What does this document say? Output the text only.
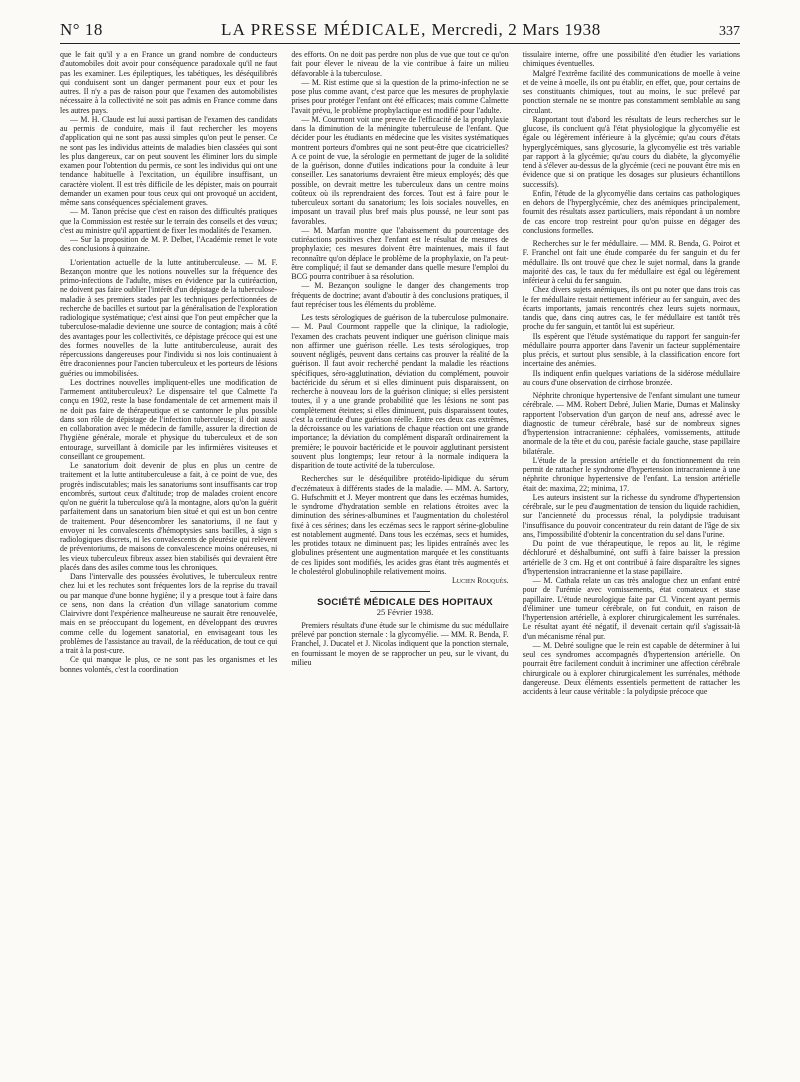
N° 18	LA PRESSE MÉDICALE, Mercredi, 2 Mars 1938	337

que le fait qu'il y a en France un grand nombre de conducteurs d'automobiles doit avoir pour conséquence paradoxale qu'il ne faut pas les examiner. Les épileptiques, les tabétiques, les déséquilibrés qui conduisent sont un danger permanent pour eux et pour les autres. Il n'y a pas de raison pour que l'examen des automobilistes nécessaire à la collectivité ne soit pas admis en France comme dans les autres pays.

— M. H. Claude est lui aussi partisan de l'examen des candidats au permis de conduire, mais il faut rechercher les moyens d'application qui ne sont pas aussi simples qu'on peut le penser. Ce ne sont pas les individus atteints de maladies bien classées qui sont les plus dangereux, car on peut souvent les éliminer lors du simple examen pour l'obtention du permis, ce sont les individus qui ont une tendance habituelle à l'excitation, un équilibre insuffisant, un caractère violent. Il est très difficile de les dépister, mais on pourrait demander un examen pour tous ceux qui ont provoqué un accident, même sans conséquences spécialement graves.

— M. Tanon précise que c'est en raison des difficultés pratiques que la Commission est restée sur le terrain des conseils et des vœux; c'est au ministre qu'il appartient de fixer les modalités de l'examen.

— Sur la proposition de M. P. Delbet, l'Académie remet le vote des conclusions à quinzaine.

L'orientation actuelle de la lutte antituberculeuse. — M. F. Bezançon montre que les notions nouvelles sur la fréquence des primo-infections de l'adulte, mises en évidence par la cutiréaction, ne doivent pas faire oublier l'intérêt d'un dépistage de la tuberculose-maladie à ses premiers stades par les techniques perfectionnées de recherche de bacilles et surtout par la généralisation de l'exploration radiologique systématique; c'est ainsi que l'on peut empêcher que la tuberculose-maladie devienne une source de contagion; mais à côté des avantages pour les collectivités, ce dépistage précoce qui est une des formes nouvelles de la lutte antituberculeuse, aurait des répercussions dangereuses pour l'individu si nos lois continuaient à être draconiennes pour l'ancien tuberculeux et les porteurs de lésions guéries ou immobilisées.

Les doctrines nouvelles impliquent-elles une modification de l'armement antituberculeux? Le dispensaire tel que Calmette l'a conçu en 1902, reste la base fondamentale de cet armement mais il ne doit pas faire de thérapeutique et se cantonner le plus possible dans son rôle de dépistage de l'infection tuberculeuse; il doit aussi en collaboration avec le médecin de famille, assurer la direction de l'hygiène générale, morale et physique du tuberculeux et de son entourage, surveillant à domicile par les infirmières visiteuses et conseillant ce groupement.

Le sanatorium doit devenir de plus en plus un centre de traitement et la lutte antituberculeuse a fait, à ce point de vue, des progrès indiscutables; mais les sanatoriums sont insuffisants car trop encombrés, surtout ceux d'altitude; trop de malades croient encore qu'on ne guérit la tuberculose qu'à la montagne, alors qu'on la guérit parfaitement dans un sanatorium bien situé et qui est un bon centre de traitement. Pour désencombrer les sanatoriums, il ne faut y envoyer ni les convalescents d'hémoptysies sans bacilles, à sign s radiologiques discrets, ni les convalescents de pleurésie qui relèvent de préventoriums, de maisons de convalescence moins onéreuses, ni les vieux tuberculeux fibreux assez bien stabilisés qui devraient être placés dans des asiles comme tous les chroniques.

Dans l'intervalle des poussées évolutives, le tuberculeux rentre chez lui et les rechutes sont fréquentes lors de la reprise du travail ou par manque d'une bonne hygiène; il y a presque tout à faire dans ce sens, non dans la création d'un village sanatorium comme Clairvivre dont l'expérience malheureuse ne saurait être renouvelée, mais en se préoccupant du logement, en développant des œuvres comme celle du logement sanatorial, en envisageant tous les problèmes de l'assistance au travail, de la rééducation, de tout ce qui a trait à la post-cure.

Ce qui manque le plus, ce ne sont pas les organismes et les bonnes volontés, c'est la coordination

des efforts. On ne doit pas perdre non plus de vue que tout ce qu'on fait pour élever le niveau de la vie contribue à faire un milieu défavorable à la tuberculose.

— M. Rist estime que si la question de la primo-infection ne se pose plus comme avant, c'est parce que les mesures de prophylaxie prises pour protéger l'enfant ont été efficaces; mais comme Calmette l'avait prévu, le problème prophylactique est modifié pour l'adulte.

— M. Courmont voit une preuve de l'efficacité de la prophylaxie dans la diminution de la méningite tuberculeuse de l'enfant. Que décider pour les étudiants en médecine que les visites systématiques montrent porteurs d'ombres qui ne sont peut-être que cicatricielles? A ce point de vue, la sérologie en permettant de juger de la solidité de la guérison, donne d'utiles indications pour la conduite à leur conseiller. Les sanatoriums devraient être mieux employés; dès que possible, on devrait mettre les tuberculeux dans un centre moins coûteux où ils reprendraient des forces. Tout est à faire pour le tuberculeux sortant du sanatorium; les lois sociales nouvelles, en imposant un travail plus bref mais plus poussé, ne leur sont pas favorables.

— M. Marfan montre que l'abaissement du pourcentage des cutiréactions positives chez l'enfant est le résultat de mesures de prophylaxie; ces mesures doivent être maintenues, mais il faut reconnaître qu'on déplace le problème de la prophylaxie, on l'a peut-être compliqué; il faut se demander dans quelle mesure l'emploi du BCG pourra contribuer à sa résolution.

— M. Bezançon souligne le danger des changements trop fréquents de doctrine; avant d'aboutir à des conclusions pratiques, il faut repréciser tous les éléments du problème.

Les tests sérologiques de guérison de la tuberculose pulmonaire. — M. Paul Courmont rappelle que la clinique, la radiologie, l'examen des crachats peuvent indiquer une guérison clinique mais non affirmer une guérison réelle. Les tests sérologiques, trop souvent négligés, peuvent dans certains cas prouver la réalité de la guérison. Il faut avoir recherché pendant la maladie les réactions spécifiques, séro-agglutination, déviation du complément, pouvoir bactéricide du sérum et si elles diminuent puis disparaissent, on recherche à nouveau lors de la guérison clinique; si elles persistent toutes, il y a une grande probabilité que les lésions ne sont pas complètement éteintes; si elles diminuent, puis disparaissent toutes, c'est la certitude d'une guérison réelle. Entre ces deux cas extrêmes, la décroissance ou les variations de chaque réaction ont une grande importance; la déviation du complément disparaît ordinairement la première; le pouvoir bactéricide et le pouvoir agglutinant persistent souvent plus longtemps; leur retour à la normale indiquera la disparition de toute activité de la tuberculose.

Recherches sur le déséquilibre protéido-lipidique du sérum d'eczémateux à différents stades de la maladie. — MM. A. Sartory, G. Hufschmitt et J. Meyer montrent que dans les eczémas humides, le syndrome d'hydratation semble en relations étroites avec la diminution des sérines-albumines et l'augmentation du cholestérol fixé à ces sérines; dans les eczémas secs le rapport sérine-globuline est notablement augmenté. Dans tous les eczémas, secs et humides, les protides totaux ne diminuent pas; les lipides entraînés avec les globulines présentent une augmentation marquée et les constituants de ces lipides sont modifiés, les acides gras étant très augmentés et le cholestérol globulinophile relativement moins.

Lucien Rouquès.

SOCIÉTÉ MÉDICALE DES HOPITAUX

25 Février 1938.

Premiers résultats d'une étude sur le chimisme du suc médullaire prélevé par ponction sternale : la glycomyélie. — MM. R. Benda, F. Franchel, J. Ducatel et J. Nicolas indiquent que la ponction sternale, en fournissant le moyen de se rapprocher un peu, sur le vivant, du milieu

tissulaire interne, offre une possibilité d'en étudier les variations chimiques éventuelles.

Malgré l'extrême facilité des communications de moelle à veine et de veine à moelle, ils ont pu établir, en effet, que, pour certains de ses constituants chimiques, tout au moins, le suc prélevé par ponction sternale ne se montre pas constamment semblable au sang circulant.

Rapportant tout d'abord les résultats de leurs recherches sur le glucose, ils concluent qu'à l'état physiologique la glycomyélie est égale ou légèrement inférieure à la glycémie; qu'au cours d'états hyperglycémiques, sans glycosurie, la glycomyélie est très variable par rapport à la glycémie; qu'au cours du diabète, la glycomyélie tend à s'élever au-dessus de la glycémie (ceci ne pouvant être mis en évidence que si on pratique les dosages sur plusieurs échantillons successifs).

Enfin, l'étude de la glycomyélie dans certains cas pathologiques en dehors de l'hyperglycémie, chez des anémiques principalement, fournit des résultats assez particuliers, mais répondant à un nombre de cas encore trop restreint pour qu'on puisse en dégager des conclusions formelles.

Recherches sur le fer médullaire. — MM. R. Benda, G. Poirot et F. Franchel ont fait une étude comparée du fer sanguin et du fer médullaire. Ils ont trouvé que chez le sujet normal, dans la grande majorité des cas, le taux du fer médullaire est égal ou légèrement inférieur à celui du fer sanguin.

Chez divers sujets anémiques, ils ont pu noter que dans trois cas le fer médullaire restait nettement inférieur au fer sanguin, avec des écarts importants, jamais rencontrés chez leurs sujets normaux, tandis que, dans cinq autres cas, le fer médullaire est tantôt très proche du fer sanguin, et tantôt lui est supérieur.

Ils espèrent que l'étude systématique du rapport fer sanguin-fer médullaire pourra apporter dans l'avenir un facteur supplémentaire plus précis, et surtout plus sensible, à la classification encore fort incertaine des anémies.

Ils indiquent enfin quelques variations de la sidérose médullaire au cours d'une observation de cirrhose bronzée.

Néphrite chronique hypertensive de l'enfant simulant une tumeur cérébrale. — MM. Robert Debré, Julien Marie, Dumas et Malinsky rapportent l'observation d'un garçon de neuf ans, adressé avec le diagnostic de tumeur cérébrale, basé sur de nombreux signes d'hypertension intracranienne: céphalées, vomissements, attitude anormale de la tête et du cou, parésie faciale gauche, stase papillaire bilatérale.

L'étude de la pression artérielle et du fonctionnement du rein permit de rattacher le syndrome d'hypertension intracranienne à une néphrite chronique hypertensive de l'enfant. La tension artérielle était de: maxima, 22; minima, 17.

Les auteurs insistent sur la richesse du syndrome d'hypertension cérébrale, sur le peu d'augmentation de tension du liquide rachidien, sur l'ancienneté du processus rénal, la polydipsie traduisant l'insuffisance du pouvoir concentrateur du rein datant de l'âge de six ans, l'impossibilité d'obtenir la concentration du sel dans l'urine.

Du point de vue thérapeutique, le repos au lit, le régime déchloruré et déshalbuminé, ont suffi à faire baisser la pression artérielle de 3 cm. Hg et ont contribué à faire disparaître les signes d'hypertension intracranienne et la stase papillaire.

— M. Cathala relate un cas très analogue chez un enfant entré pour de l'urémie avec vomissements, état comateux et stase papillaire. L'étude neurologique faite par Cl. Vincent ayant permis d'éliminer une tumeur cérébrale, on fut conduit, en raison de l'hypertension artérielle, à explorer chirurgicalement les surrénales. Le résultat ayant été négatif, il devenait certain qu'il s'agissait-là d'un mécanisme rénal pur.

— M. Debré souligne que le rein est capable de déterminer à lui seul ces syndromes accompagnés d'hypertension artérielle. On pourrait être facilement conduit à incriminer une affection cérébrale chirurgicale ou à explorer chirurgicalement les surrénales, méthode dangereuse. Deux éléments essentiels permettent de rattacher les accidents à leur cause véritable : la polydipsie précoce que
